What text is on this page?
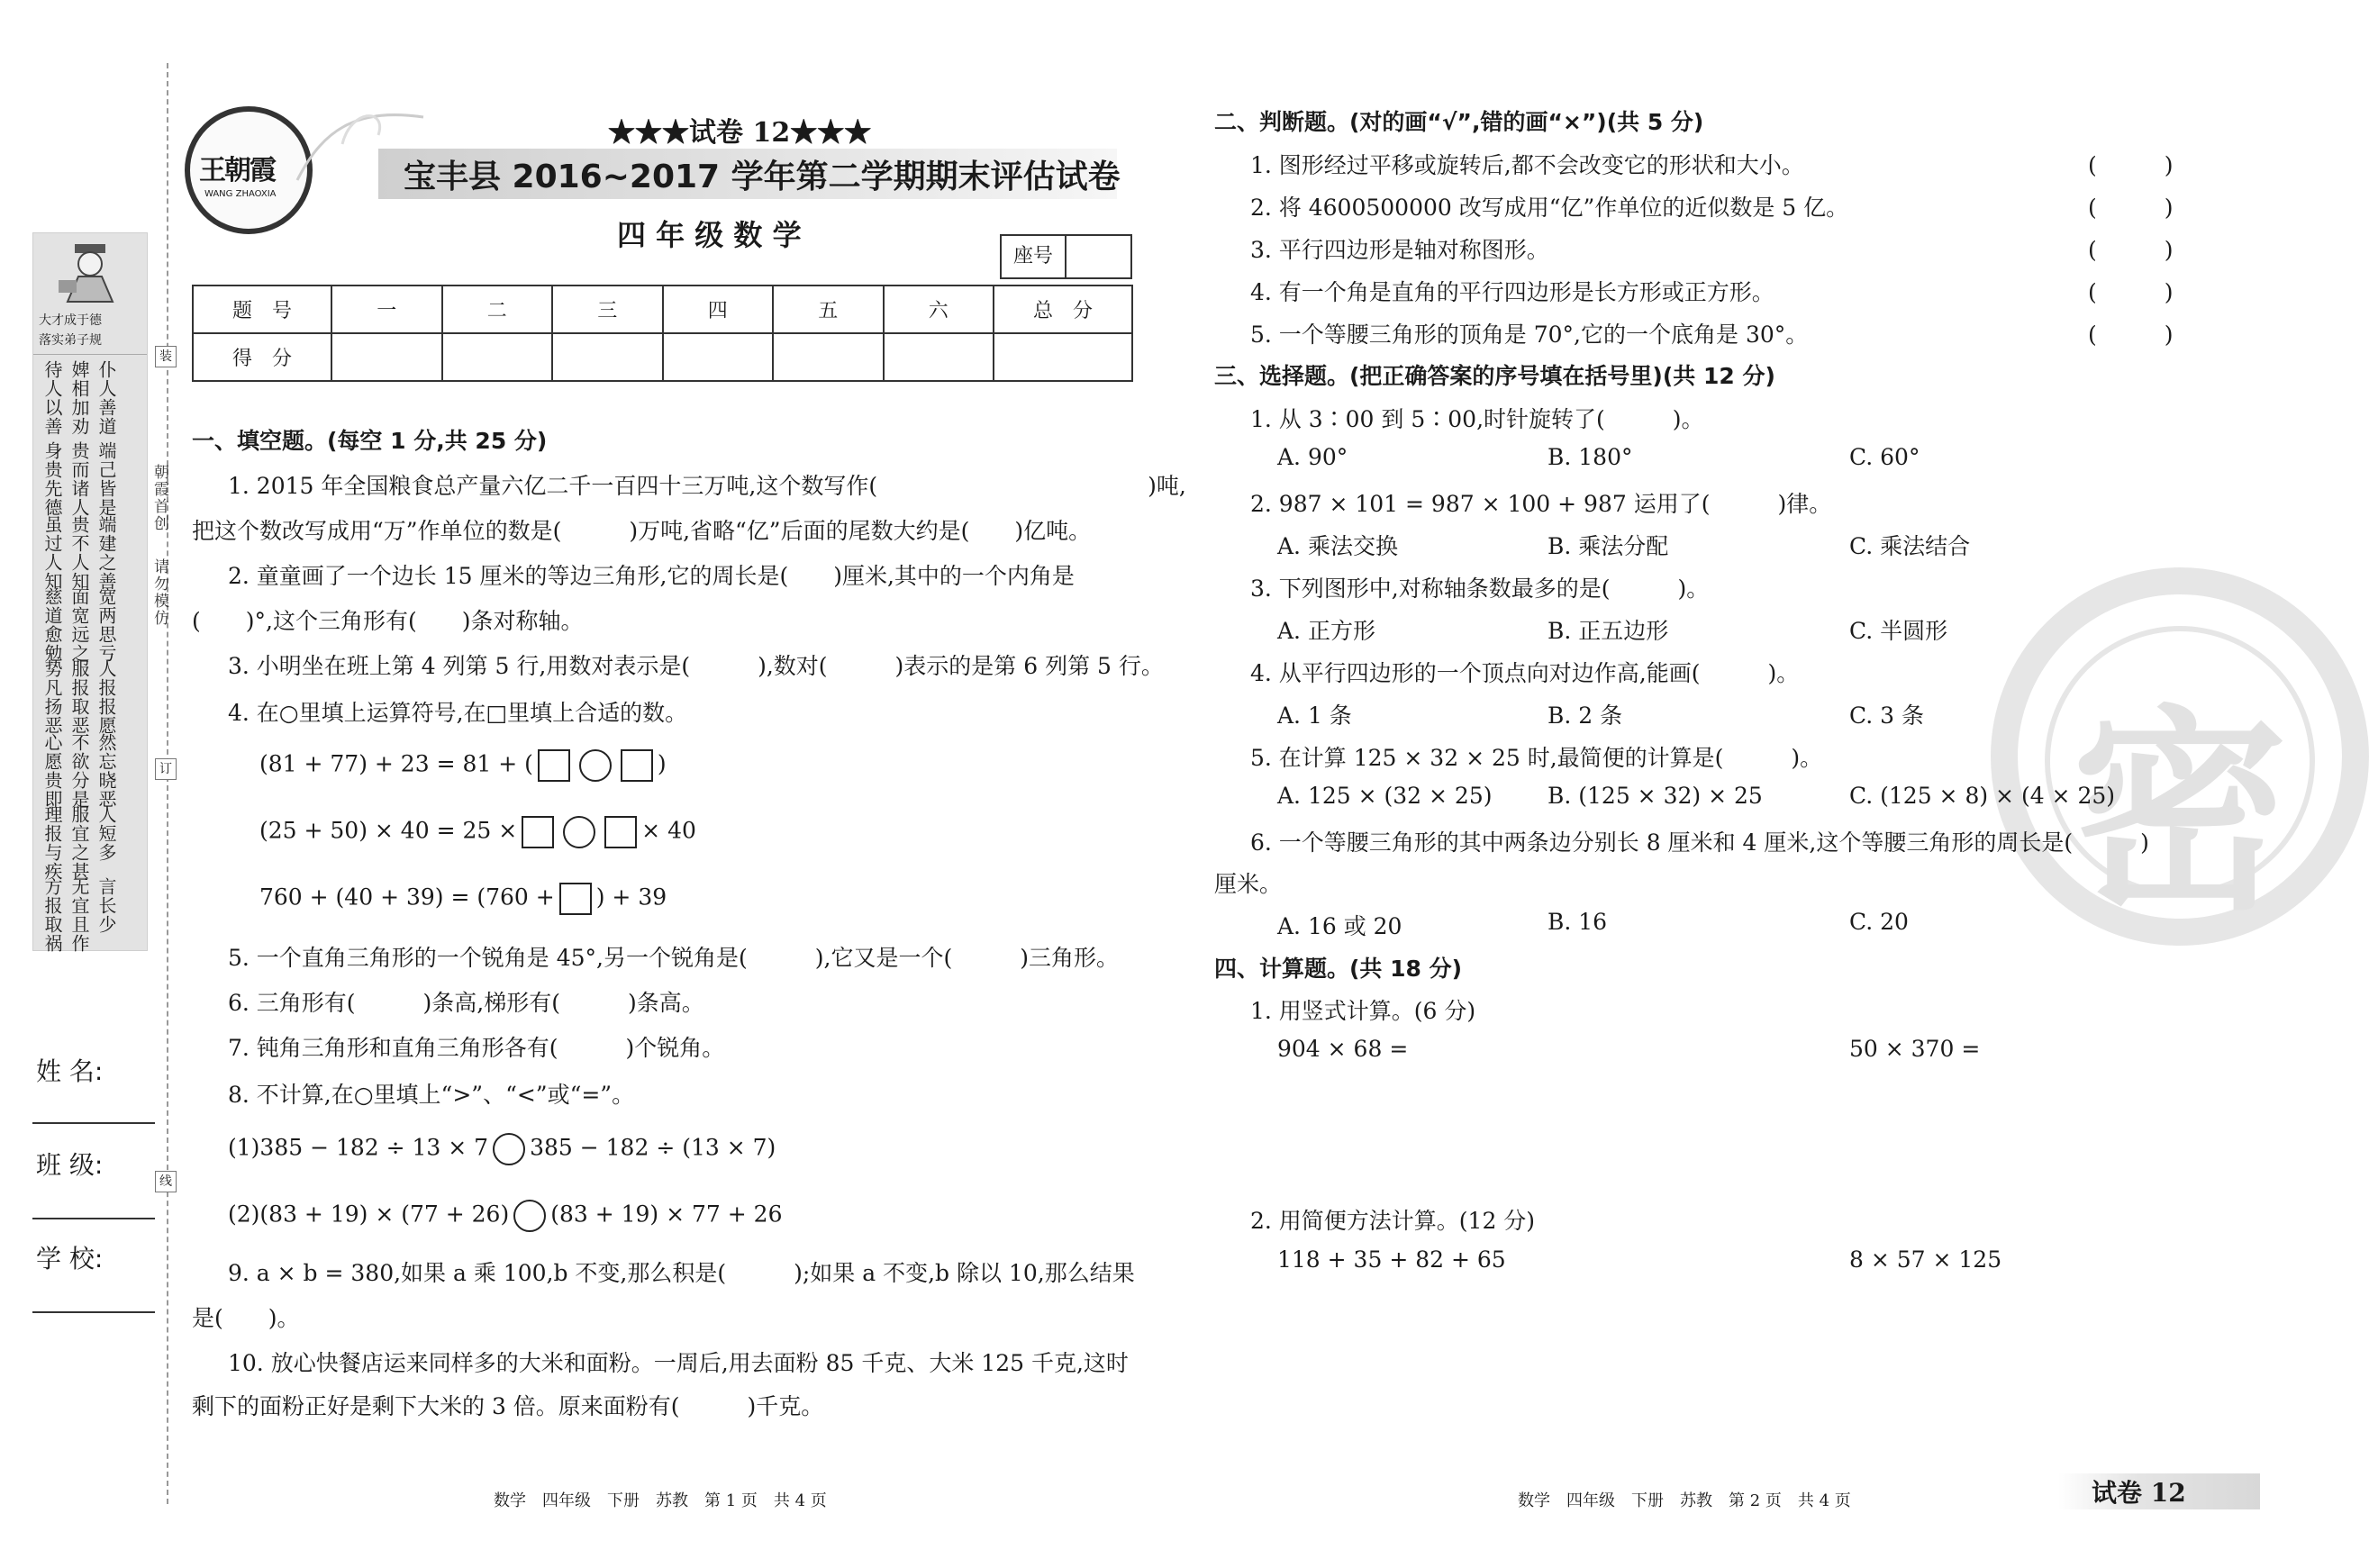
大才成于德
落实弟子规
待人以善 婢相加劝 仆人善道
身贵先德 贵而诸人 端己皆是
虽过人知 贵不人知 端建之善
慈道愈勉 面宽远之 宽两思亏
势凡扬恶 服报取恶 人报报愿
心愿贵即 不欲分是 然忘晓恶
理报与疾 服宜之甚 人短多
方报取祸 无宜且作 言长少
朝霞首创
请勿模仿
装
订
线
姓 名:
班 级:
学 校:
王朝霞
WANG ZHAOXIA
★★★试卷 12★★★
宝丰县 2016~2017 学年第二学期期末评估试卷
四 年 级 数 学
座号
题　号	一	二	三	四	五	六	总　分
得　分							
一、填空题。(每空 1 分,共 25 分)
1. 2015 年全国粮食总产量六亿二千一百四十三万吨,这个数写作(　　　　　　　　　　　　)吨,
把这个数改写成用“万”作单位的数是(　　　)万吨,省略“亿”后面的尾数大约是(　　)亿吨。
2. 童童画了一个边长 15 厘米的等边三角形,它的周长是(　　)厘米,其中的一个内角是
(　　)°,这个三角形有(　　)条对称轴。
3. 小明坐在班上第 4 列第 5 行,用数对表示是(　　　),数对(　　　)表示的是第 6 列第 5 行。
4. 在○里填上运算符号,在□里填上合适的数。
(81 + 77) + 23 = 81 + (	)
(25 + 50) × 40 = 25 ×	× 40
760 + (40 + 39) = (760 + ) + 39
5. 一个直角三角形的一个锐角是 45°,另一个锐角是(　　　),它又是一个(　　　)三角形。
6. 三角形有(　　　)条高,梯形有(　　　)条高。
7. 钝角三角形和直角三角形各有(　　　)个锐角。
8. 不计算,在○里填上“>”、“<”或“=”。
(1)385 − 182 ÷ 13 × 7 385 − 182 ÷ (13 × 7)
(2)(83 + 19) × (77 + 26) (83 + 19) × 77 + 26
9. a × b = 380,如果 a 乘 100,b 不变,那么积是(　　　);如果 a 不变,b 除以 10,那么结果
是(　　)。
10. 放心快餐店运来同样多的大米和面粉。一周后,用去面粉 85 千克、大米 125 千克,这时
剩下的面粉正好是剩下大米的 3 倍。原来面粉有(　　　)千克。
数学　四年级　下册　苏教　第 1 页　共 4 页
密
二、判断题。(对的画“√”,错的画“×”)(共 5 分)
1. 图形经过平移或旋转后,都不会改变它的形状和大小。	(　　　)
2. 将 4600500000 改写成用“亿”作单位的近似数是 5 亿。	(　　　)
3. 平行四边形是轴对称图形。	(　　　)
4. 有一个角是直角的平行四边形是长方形或正方形。	(　　　)
5. 一个等腰三角形的顶角是 70°,它的一个底角是 30°。	(　　　)
三、选择题。(把正确答案的序号填在括号里)(共 12 分)
1. 从 3∶00 到 5∶00,时针旋转了(　　　)。
A. 90°	B. 180°	C. 60°
2. 987 × 101 = 987 × 100 + 987 运用了(　　　)律。
A. 乘法交换	B. 乘法分配	C. 乘法结合
3. 下列图形中,对称轴条数最多的是(　　　)。
A. 正方形	B. 正五边形	C. 半圆形
4. 从平行四边形的一个顶点向对边作高,能画(　　　)。
A. 1 条	B. 2 条	C. 3 条
5. 在计算 125 × 32 × 25 时,最简便的计算是(　　　)。
A. 125 × (32 × 25) B. (125 × 32) × 25	C. (125 × 8) × (4 × 25)
6. 一个等腰三角形的其中两条边分别长 8 厘米和 4 厘米,这个等腰三角形的周长是(　　　)
厘米。
A. 16 或 20	B. 16	C. 20
四、计算题。(共 18 分)
1. 用竖式计算。(6 分)
904 × 68 =	50 × 370 =
2. 用简便方法计算。(12 分)
118 + 35 + 82 + 65	8 × 57 × 125
数学　四年级　下册　苏教　第 2 页　共 4 页	试卷 12
